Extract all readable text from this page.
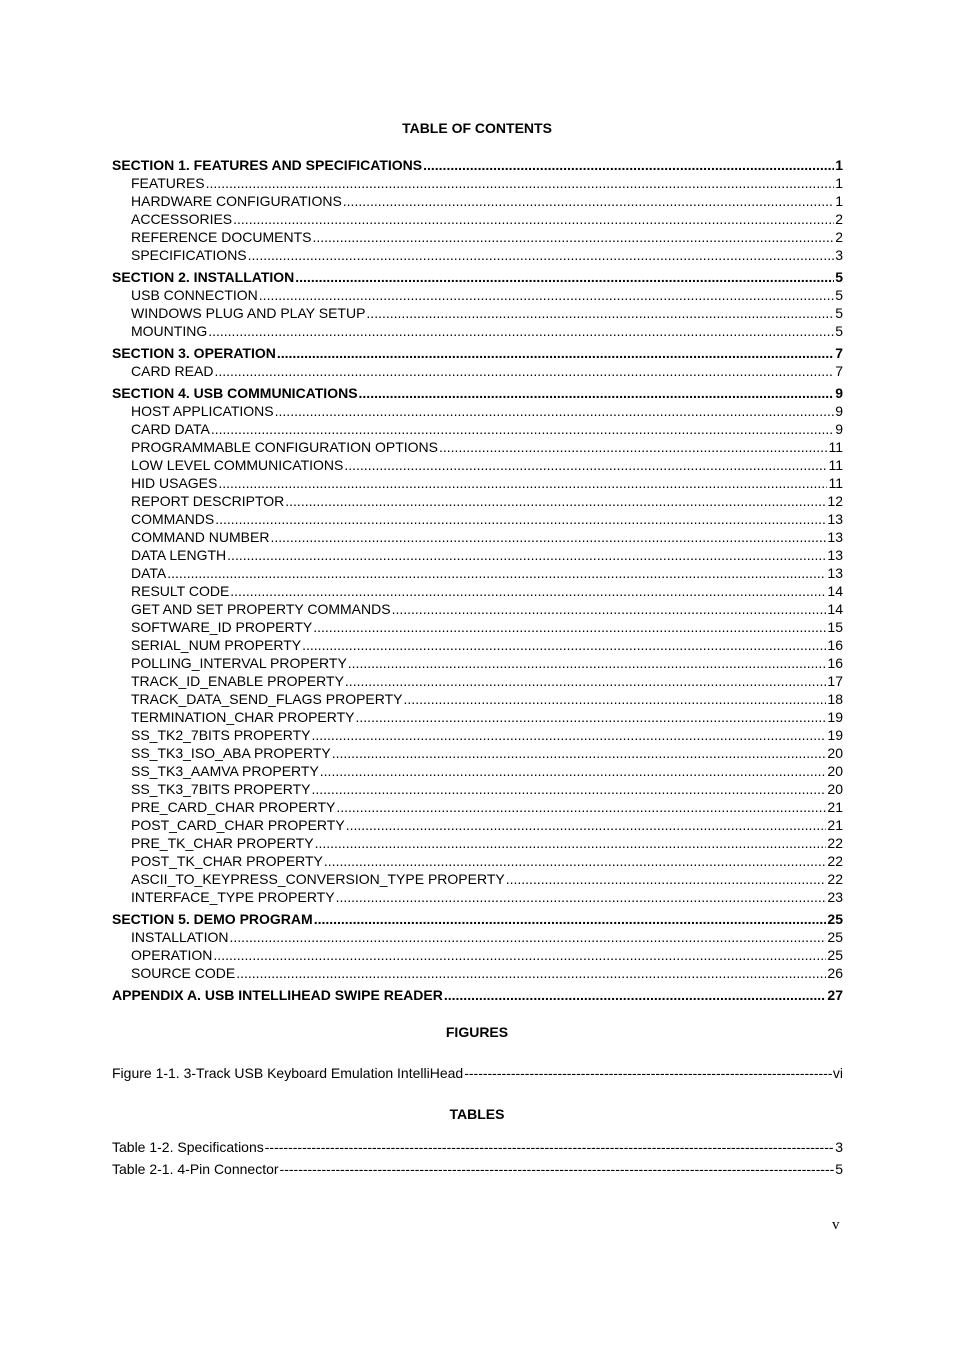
TABLE OF CONTENTS
SECTION 1. FEATURES AND SPECIFICATIONS .....	1
FEATURES .....	1
HARDWARE CONFIGURATIONS .....	1
ACCESSORIES .....	2
REFERENCE DOCUMENTS .....	2
SPECIFICATIONS .....	3
SECTION 2. INSTALLATION .....	5
USB CONNECTION .....	5
WINDOWS PLUG AND PLAY SETUP .....	5
MOUNTING .....	5
SECTION 3. OPERATION .....	7
CARD READ .....	7
SECTION 4. USB COMMUNICATIONS .....	9
HOST APPLICATIONS .....	9
CARD DATA .....	9
PROGRAMMABLE CONFIGURATION OPTIONS .....	11
LOW LEVEL COMMUNICATIONS .....	11
HID USAGES .....	11
REPORT DESCRIPTOR .....	12
COMMANDS .....	13
COMMAND NUMBER .....	13
DATA LENGTH .....	13
DATA .....	13
RESULT CODE .....	14
GET AND SET PROPERTY COMMANDS .....	14
SOFTWARE_ID PROPERTY .....	15
SERIAL_NUM PROPERTY .....	16
POLLING_INTERVAL PROPERTY .....	16
TRACK_ID_ENABLE PROPERTY .....	17
TRACK_DATA_SEND_FLAGS PROPERTY .....	18
TERMINATION_CHAR PROPERTY .....	19
SS_TK2_7BITS PROPERTY .....	19
SS_TK3_ISO_ABA PROPERTY .....	20
SS_TK3_AAMVA PROPERTY .....	20
SS_TK3_7BITS PROPERTY .....	20
PRE_CARD_CHAR PROPERTY .....	21
POST_CARD_CHAR PROPERTY .....	21
PRE_TK_CHAR PROPERTY .....	22
POST_TK_CHAR PROPERTY .....	22
ASCII_TO_KEYPRESS_CONVERSION_TYPE PROPERTY .....	22
INTERFACE_TYPE PROPERTY .....	23
SECTION 5. DEMO PROGRAM .....	25
INSTALLATION .....	25
OPERATION .....	25
SOURCE CODE .....	26
APPENDIX A. USB INTELLIHEAD SWIPE READER .....	27
FIGURES
Figure 1-1. 3-Track USB Keyboard Emulation IntelliHead -----	vi
TABLES
Table 1-2. Specifications -----	3
Table 2-1. 4-Pin Connector -----	5
v
